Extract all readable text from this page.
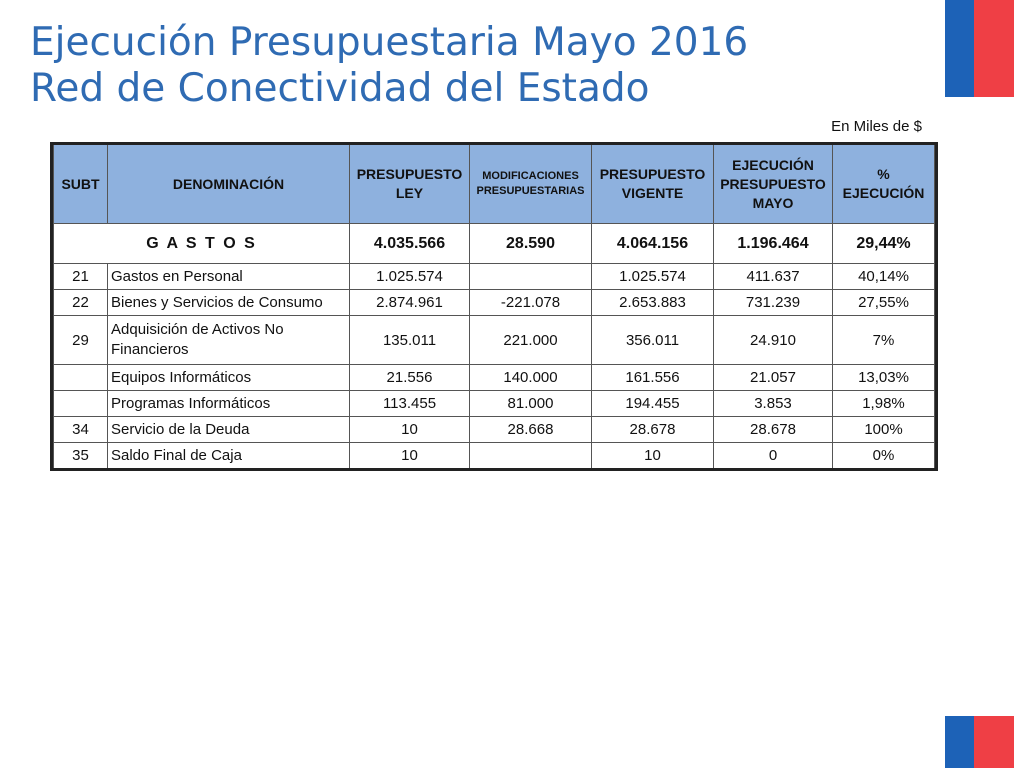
Ejecución Presupuestaria Mayo 2016
Red de Conectividad del Estado
En Miles de $
SUBT	DENOMINACIÓN	PRESUPUESTO LEY	MODIFICACIONES PRESUPUESTARIAS	PRESUPUESTO VIGENTE	EJECUCIÓN PRESUPUESTO MAYO	% EJECUCIÓN
G A S T O S		4.035.566	28.590	4.064.156	1.196.464	29,44%
21	Gastos en Personal	1.025.574		1.025.574	411.637	40,14%
22	Bienes y Servicios de Consumo	2.874.961	-221.078	2.653.883	731.239	27,55%
29	Adquisición de Activos No Financieros	135.011	221.000	356.011	24.910	7%
	Equipos Informáticos	21.556	140.000	161.556	21.057	13,03%
	Programas Informáticos	113.455	81.000	194.455	3.853	1,98%
34	Servicio de la Deuda	10	28.668	28.678	28.678	100%
35	Saldo Final de Caja	10		10	0	0%
